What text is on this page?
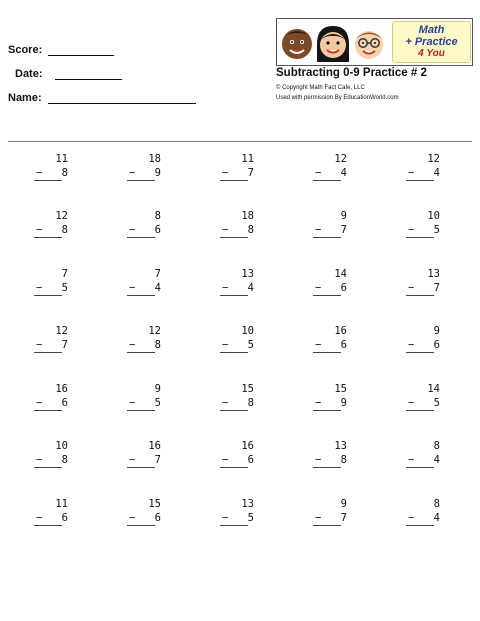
Score:
Date:
Name:
Math
+ Practice
4 You
Subtracting 0-9 Practice # 2
© Copyright Math Fact Cafe, LLC
Used with permission By EducationWorld.com
11
− 8
18
− 9
11
− 7
12
− 4
12
− 4
12
− 8
8
− 6
18
− 8
9
− 7
10
− 5
7
− 5
7
− 4
13
− 4
14
− 6
13
− 7
12
− 7
12
− 8
10
− 5
16
− 6
9
− 6
16
− 6
9
− 5
15
− 8
15
− 9
14
− 5
10
− 8
16
− 7
16
− 6
13
− 8
8
− 4
11
− 6
15
− 6
13
− 5
9
− 7
8
− 4
